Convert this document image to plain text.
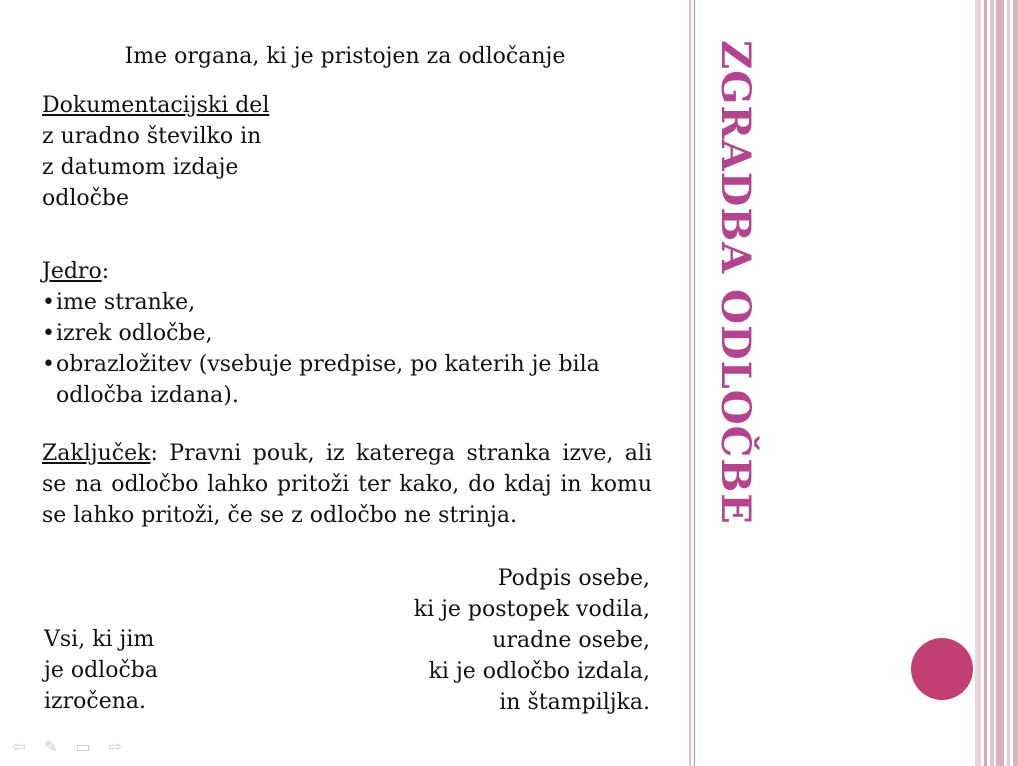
Ime organa, ki je pristojen za odločanje
Dokumentacijski del
z uradno številko in
z datumom izdaje
odločbe
Jedro:
• ime stranke,
• izrek odločbe,
• obrazložitev (vsebuje predpise, po katerih je bila
odločba izdana).
Zaključek: Pravni pouk, iz katerega stranka izve, ali se na odločbo lahko pritoži ter kako, do kdaj in komu se lahko pritoži, če se z odločbo ne strinja.
Vsi, ki jim
je odločba
izročena.
Podpis osebe,
ki je postopek vodila,
uradne osebe,
ki je odločbo izdala,
in štampiljka.
ZGRADBA ODLOČBE
⇦ ✎ ▭ ⇨
